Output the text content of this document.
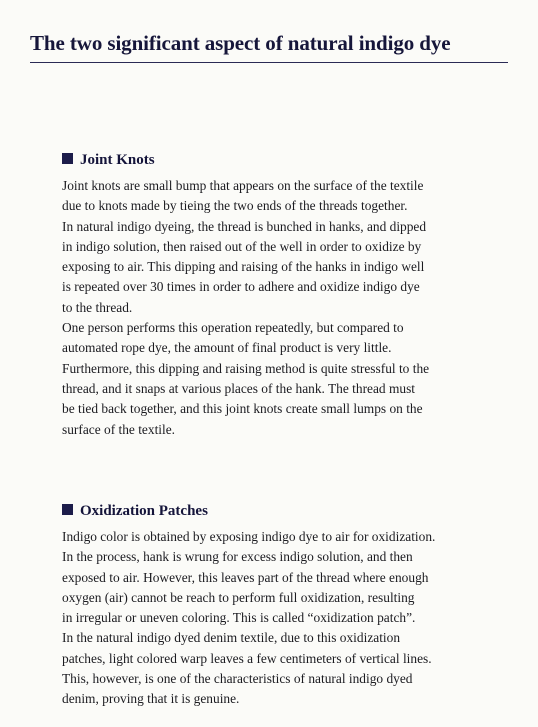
The two significant aspect of natural indigo dye
Joint Knots

Joint knots are small bump that appears on the surface of the textile

due to knots made by tieing the two ends of the threads together.

In natural indigo dyeing, the thread is bunched in hanks, and dipped

in indigo solution, then raised out of the well in order to oxidize by

exposing to air. This dipping and raising of the hanks in indigo well

is repeated over 30 times in order to adhere and oxidize indigo dye

to the thread.

One person performs this operation repeatedly, but compared to

automated rope dye, the amount of final product is very little.

Furthermore, this dipping and raising method is quite stressful to the

thread, and it snaps at various places of the hank. The thread must

be tied back together, and this joint knots create small lumps on the

surface of the textile.

Oxidization Patches

Indigo color is obtained by exposing indigo dye to air for oxidization.

In the process, hank is wrung for excess indigo solution, and then

exposed to air. However, this leaves part of the thread where enough

oxygen (air) cannot be reach to perform full oxidization, resulting

in irregular or uneven coloring. This is called “oxidization patch”.

In the natural indigo dyed denim textile, due to this oxidization

patches, light colored warp leaves a few centimeters of vertical lines.

This, however, is one of the characteristics of natural indigo dyed

denim, proving that it is genuine.
